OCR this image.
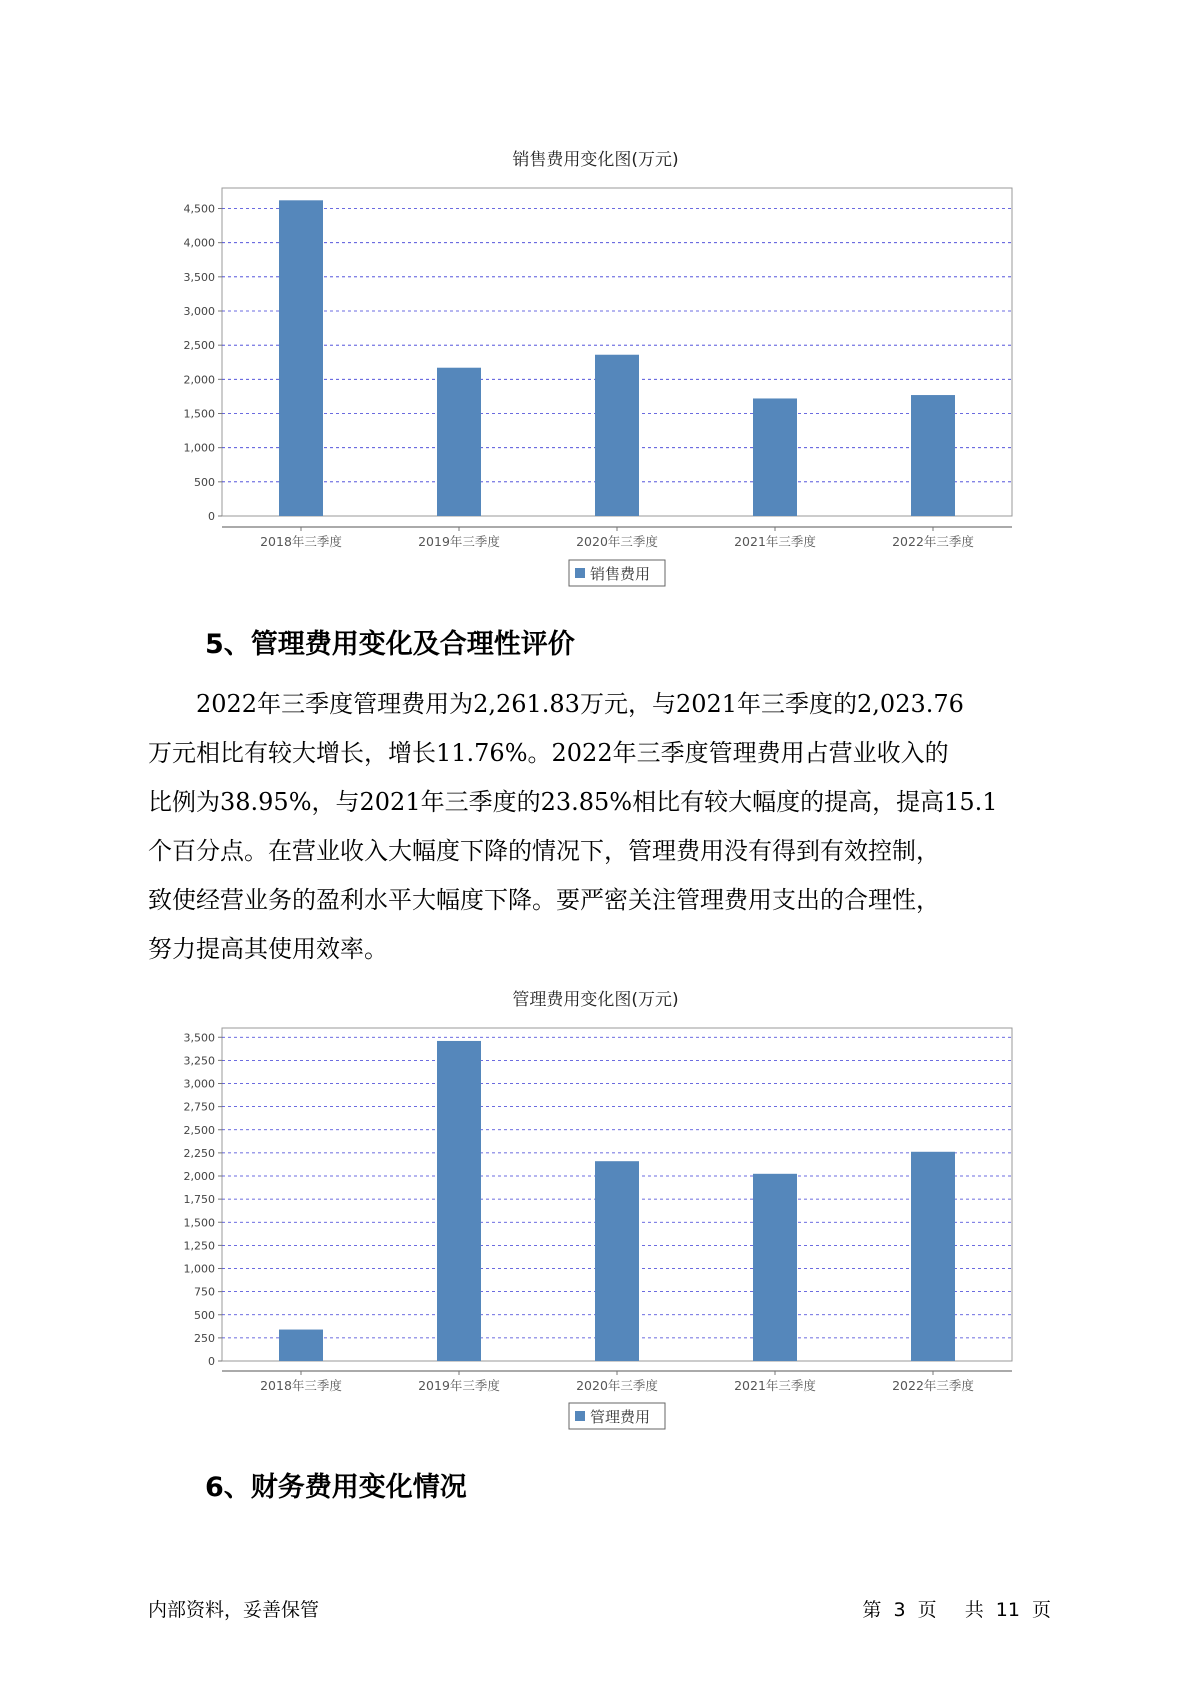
销售费用变化图(万元)
0
500
1,000
1,500
2,000
2,500
3,000
3,500
4,000
4,500
2018年三季度	2019年三季度	2020年三季度	2021年三季度	2022年三季度
销售费用
5、管理费用变化及合理性评价
2022年三季度管理费用为2,261.83万元，与2021年三季度的2,023.76
万元相比有较大增长，增长11.76%。2022年三季度管理费用占营业收入的
比例为38.95%，与2021年三季度的23.85%相比有较大幅度的提高，提高15.1
个百分点。在营业收入大幅度下降的情况下，管理费用没有得到有效控制，
致使经营业务的盈利水平大幅度下降。要严密关注管理费用支出的合理性，
努力提高其使用效率。
管理费用变化图(万元)
0
250
500
750
1,000
1,250
1,500
1,750
2,000
2,250
2,500
2,750
3,000
3,250
3,500
2018年三季度	2019年三季度	2020年三季度	2021年三季度	2022年三季度
管理费用
6、财务费用变化情况
内部资料，妥善保管	第 3 页 共 11 页
